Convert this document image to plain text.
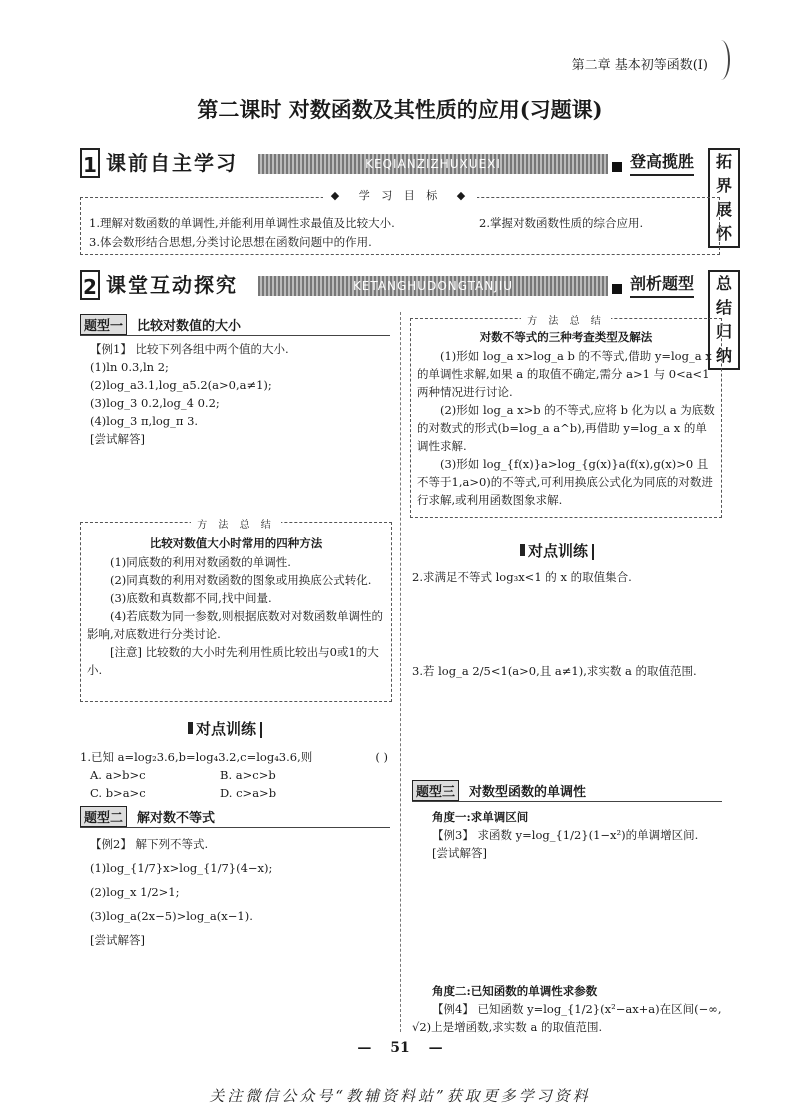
第二章 基本初等函数(Ⅰ)
第二课时 对数函数及其性质的应用(习题课)
1 课前自主学习	KEQIANZIZHUXUEXI	登高揽胜	拓界展怀
1.理解对数函数的单调性,并能利用单调性求最值及比较大小.	2.掌握对数函数性质的综合应用.
3.体会数形结合思想,分类讨论思想在函数问题中的作用.
◆ 学 习 目 标 ◆
2 课堂互动探究	KETANGHUDONGTANJIU	剖析题型	总结归纳
题型一 比较对数值的大小
【例1】 比较下列各组中两个值的大小.
(1)ln 0.3,ln 2;
(2)log_a3.1,log_a5.2(a>0,a≠1);
(3)log_3 0.2,log_4 0.2;
(4)log_3 π,log_π 3.
[尝试解答]
方 法 总 结
比较对数值大小时常用的四种方法
(1)同底数的利用对数函数的单调性.
(2)同真数的利用对数函数的图象或用换底公式转化.
(3)底数和真数都不同,找中间量.
(4)若底数为同一参数,则根据底数对对数函数单调性的影响,对底数进行分类讨论.
[注意] 比较数的大小时先利用性质比较出与0或1的大小.
对点训练
1.已知 a=log₂3.6,b=log₄3.2,c=log₄3.6,则	( )
A. a>b>c	B. a>c>b
C. b>a>c	D. c>a>b
题型二 解对数不等式
【例2】 解下列不等式.
(1)log_{1/7}x>log_{1/7}(4−x);
(2)log_x 1/2>1;
(3)log_a(2x−5)>log_a(x−1).
[尝试解答]
方 法 总 结
对数不等式的三种考查类型及解法
(1)形如 log_a x>log_a b 的不等式,借助 y=log_a x 的单调性求解,如果 a 的取值不确定,需分 a>1 与 0<a<1 两种情况进行讨论.
(2)形如 log_a x>b 的不等式,应将 b 化为以 a 为底数的对数式的形式(b=log_a a^b),再借助 y=log_a x 的单调性求解.
(3)形如 log_{f(x)}a>log_{g(x)}a(f(x),g(x)>0 且不等于1,a>0)的不等式,可利用换底公式化为同底的对数进行求解,或利用函数图象求解.
对点训练
2.求满足不等式 log₃x<1 的 x 的取值集合.
3.若 log_a 2/5<1(a>0,且 a≠1),求实数 a 的取值范围.
题型三 对数型函数的单调性
角度一:求单调区间
【例3】 求函数 y=log_{1/2}(1−x²)的单调增区间.
[尝试解答]
角度二:已知函数的单调性求参数
【例4】 已知函数 y=log_{1/2}(x²−ax+a)在区间(−∞,
√2)上是增函数,求实数 a 的取值范围.
— 51 —
关注微信公众号“教辅资料站”获取更多学习资料
